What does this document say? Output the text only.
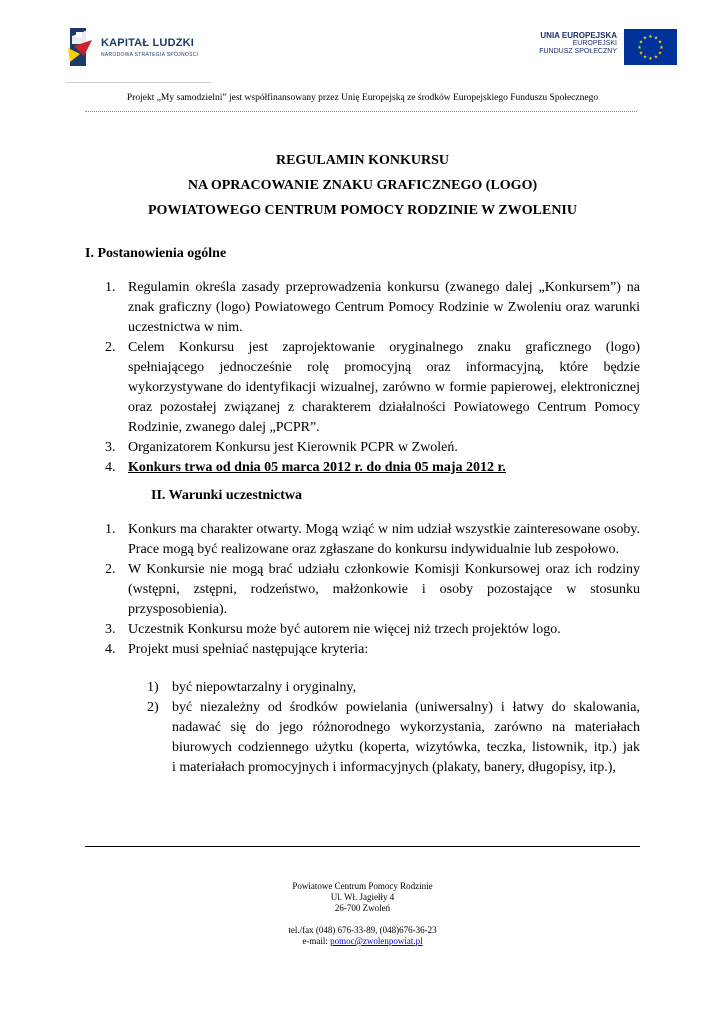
KAPITAŁ LUDZKI
NARODOWA STRATEGIA SPÓJNOŚCI
UNIA EUROPEJSKA
EUROPEJSKI
FUNDUSZ SPOŁECZNY
★ ★
★
★
★
★
★
★
★
★
★
★
Projekt „My samodzielni” jest współfinansowany przez Unię Europejską ze środków Europejskiego Funduszu Społecznego
REGULAMIN KONKURSU
NA OPRACOWANIE ZNAKU GRAFICZNEGO (LOGO)
POWIATOWEGO CENTRUM POMOCY RODZINIE W ZWOLENIU
I. Postanowienia ogólne
1. Regulamin określa zasady przeprowadzenia konkursu (zwanego dalej „Konkursem”) na znak graficzny (logo) Powiatowego Centrum Pomocy Rodzinie w Zwoleniu oraz warunki uczestnictwa w nim.
2. Celem Konkursu jest zaprojektowanie oryginalnego znaku graficznego (logo) spełniającego jednocześnie rolę promocyjną oraz informacyjną, które będzie wykorzystywane do identyfikacji wizualnej, zarówno w formie papierowej, elektronicznej oraz pozostałej związanej z charakterem działalności Powiatowego Centrum Pomocy Rodzinie, zwanego dalej „PCPR”.
3. Organizatorem Konkursu jest Kierownik PCPR w Zwoleń.
4. Konkurs trwa od dnia 05 marca 2012 r. do dnia 05 maja 2012 r.
II. Warunki uczestnictwa
1. Konkurs ma charakter otwarty. Mogą wziąć w nim udział wszystkie zainteresowane osoby. Prace mogą być realizowane oraz zgłaszane do konkursu indywidualnie lub zespołowo.
2. W Konkursie nie mogą brać udziału członkowie Komisji Konkursowej oraz ich rodziny (wstępni, zstępni, rodzeństwo, małżonkowie i osoby pozostające w stosunku przysposobienia).
3. Uczestnik Konkursu może być autorem nie więcej niż trzech projektów logo.
4. Projekt musi spełniać następujące kryteria:
1) być niepowtarzalny i oryginalny,
2) być niezależny od środków powielania (uniwersalny) i łatwy do skalowania, nadawać się do jego różnorodnego wykorzystania, zarówno na materiałach biurowych codziennego użytku (koperta, wizytówka, teczka, listownik, itp.) jak                i materiałach promocyjnych i informacyjnych (plakaty, banery, długopisy, itp.),
Powiatowe Centrum Pomocy Rodzinie
Ul. Wł. Jagiełły 4
26-700 Zwoleń
tel./fax (048) 676-33-89, (048)676-36-23
e-mail: pomoc@zwolenpowiat.pl
